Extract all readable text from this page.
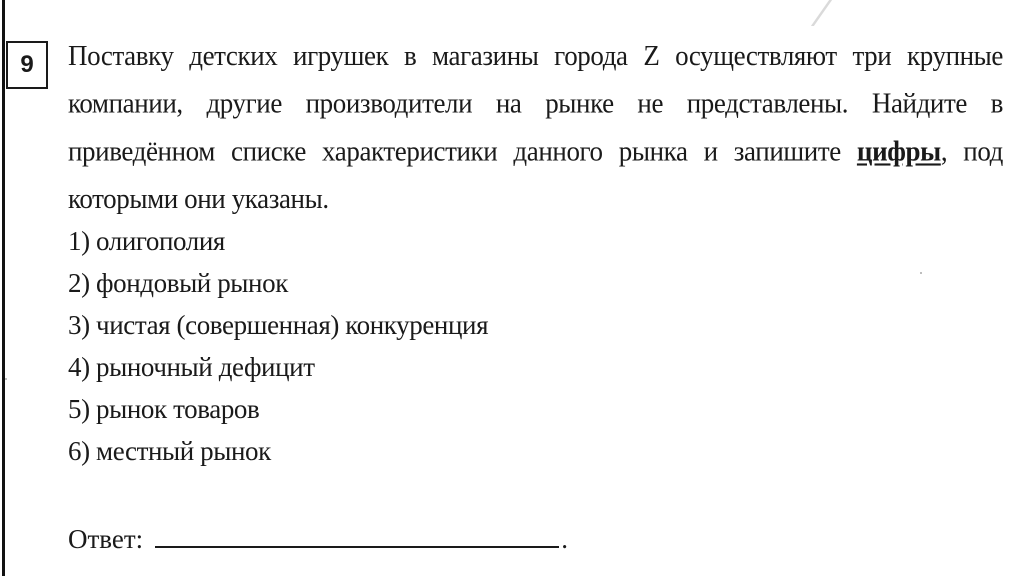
9 Поставку детских игрушек в магазины города Z осуществляют три крупные компании, другие производители на рынке не представлены. Найдите в приведённом списке характеристики данного рынка и запишите цифры, под которыми они указаны.
1) олигополия
2) фондовый рынок
3) чистая (совершенная) конкуренция
4) рыночный дефицит
5) рынок товаров
6) местный рынок
Ответ:	.
